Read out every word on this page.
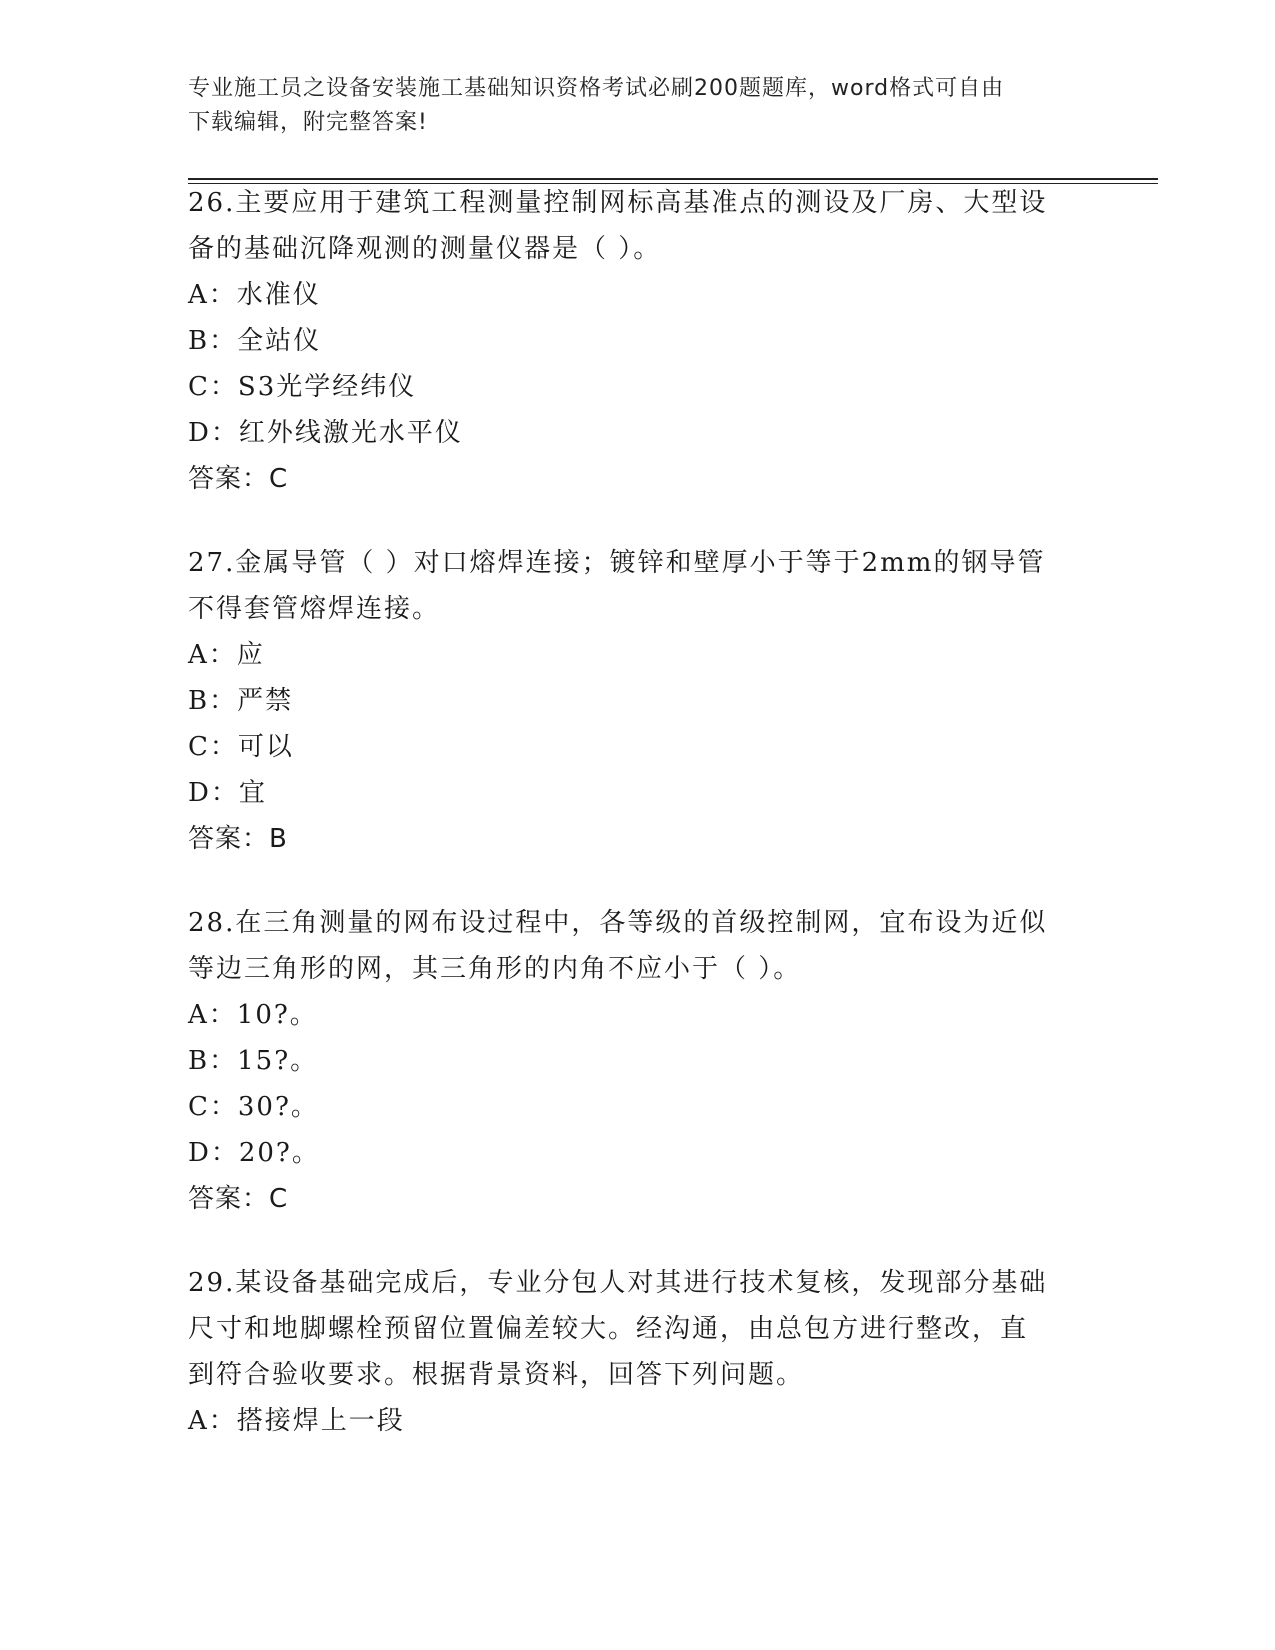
专业施工员之设备安装施工基础知识资格考试必刷200题题库，word格式可自由
下载编辑，附完整答案!

26.主要应用于建筑工程测量控制网标高基准点的测设及厂房、大型设

备的基础沉降观测的测量仪器是（ ）。

A：水准仪

B：全站仪

C：S3光学经纬仪

D：红外线激光水平仪

答案：C

27.金属导管（ ）对口熔焊连接；镀锌和壁厚小于等于2mm的钢导管

不得套管熔焊连接。

A：应

B：严禁

C：可以

D：宜

答案：B

28.在三角测量的网布设过程中，各等级的首级控制网，宜布设为近似

等边三角形的网，其三角形的内角不应小于（ ）。

A：10?。

B：15?。

C：30?。

D：20?。

答案：C

29.某设备基础完成后，专业分包人对其进行技术复核，发现部分基础

尺寸和地脚螺栓预留位置偏差较大。经沟通，由总包方进行整改，直

到符合验收要求。根据背景资料，回答下列问题。

A：搭接焊上一段
